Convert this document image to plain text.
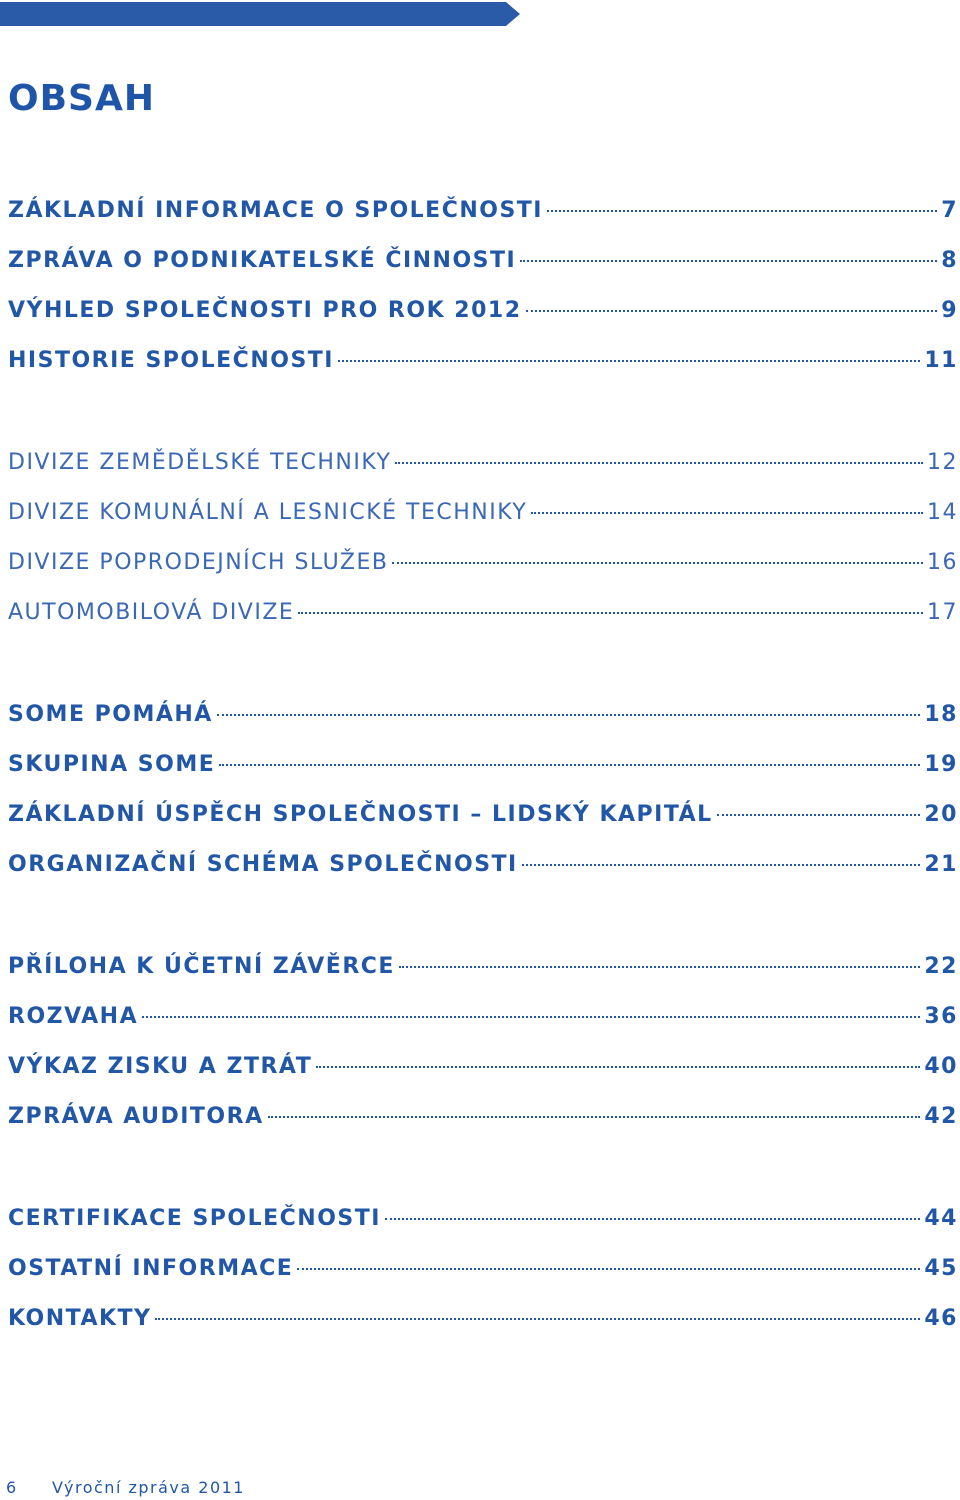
OBSAH
ZÁKLADNÍ INFORMACE O SPOLEČNOSTI	7
ZPRÁVA O PODNIKATELSKÉ ČINNOSTI	8
VÝHLED SPOLEČNOSTI PRO ROK 2012	9
HISTORIE SPOLEČNOSTI	11
DIVIZE ZEMĚDĚLSKÉ TECHNIKY	12
DIVIZE KOMUNÁLNÍ A LESNICKÉ TECHNIKY	14
DIVIZE POPRODEJNÍCH SLUŽEB	16
AUTOMOBILOVÁ DIVIZE	17
SOME POMÁHÁ	18
SKUPINA SOME	19
ZÁKLADNÍ ÚSPĚCH SPOLEČNOSTI – LIDSKÝ KAPITÁL	20
ORGANIZAČNÍ SCHÉMA SPOLEČNOSTI	21
PŘÍLOHA K ÚČETNÍ ZÁVĚRCE	22
ROZVAHA	36
VÝKAZ ZISKU A ZTRÁT	40
ZPRÁVA AUDITORA	42
CERTIFIKACE SPOLEČNOSTI	44
OSTATNÍ INFORMACE	45
KONTAKTY	46
6	Výroční zpráva 2011
